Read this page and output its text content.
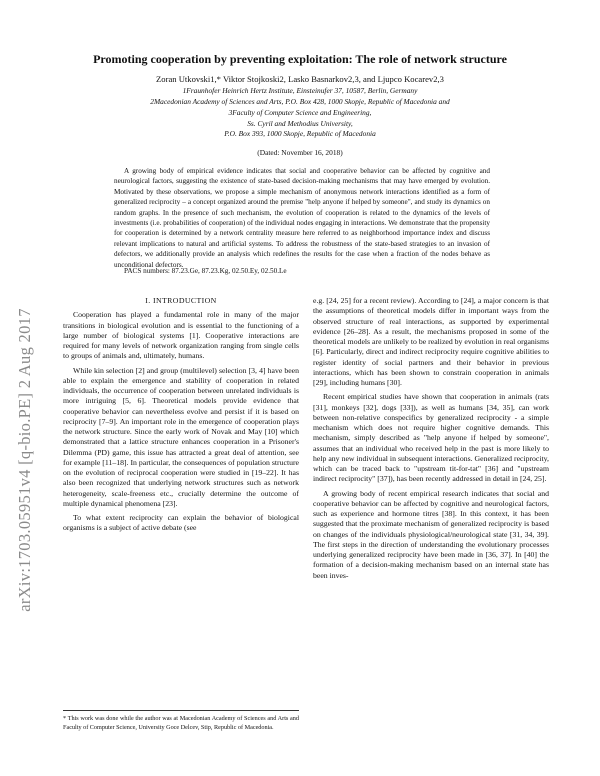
arXiv:1703.05951v4 [q-bio.PE] 2 Aug 2017
Promoting cooperation by preventing exploitation: The role of network structure
Zoran Utkovski1,* Viktor Stojkoski2, Lasko Basnarkov2,3, and Ljupco Kocarev2,3
1Fraunhofer Heinrich Hertz Institute, Einsteinufer 37, 10587, Berlin, Germany
2Macedonian Academy of Sciences and Arts, P.O. Box 428, 1000 Skopje, Republic of Macedonia and
3Faculty of Computer Science and Engineering,
Ss. Cyril and Methodius University,
P.O. Box 393, 1000 Skopje, Republic of Macedonia
(Dated: November 16, 2018)

A growing body of empirical evidence indicates that social and cooperative behavior can be affected by cognitive and neurological factors, suggesting the existence of state-based decision-making mechanisms that may have emerged by evolution. Motivated by these observations, we propose a simple mechanism of anonymous network interactions identified as a form of generalized reciprocity – a concept organized around the premise "help anyone if helped by someone", and study its dynamics on random graphs. In the presence of such mechanism, the evolution of cooperation is related to the dynamics of the levels of investments (i.e. probabilities of cooperation) of the individual nodes engaging in interactions. We demonstrate that the propensity for cooperation is determined by a network centrality measure here referred to as neighborhood importance index and discuss relevant implications to natural and artificial systems. To address the robustness of the state-based strategies to an invasion of defectors, we additionally provide an analysis which redefines the results for the case when a fraction of the nodes behave as unconditional defectors.

PACS numbers: 87.23.Ge, 87.23.Kg, 02.50.Ey, 02.50.Le

I. INTRODUCTION

Cooperation has played a fundamental role in many of the major transitions in biological evolution and is essential to the functioning of a large number of biological systems [1]. Cooperative interactions are required for many levels of network organization ranging from single cells to groups of animals and, ultimately, humans.

While kin selection [2] and group (multilevel) selection [3, 4] have been able to explain the emergence and stability of cooperation in related individuals, the occurrence of cooperation between unrelated individuals is more intriguing [5, 6]. Theoretical models provide evidence that cooperative behavior can nevertheless evolve and persist if it is based on reciprocity [7–9]. An important role in the emergence of cooperation plays the network structure. Since the early work of Novak and May [10] which demonstrated that a lattice structure enhances cooperation in a Prisoner's Dilemma (PD) game, this issue has attracted a great deal of attention, see for example [11–18]. In particular, the consequences of population structure on the evolution of reciprocal cooperation were studied in [19–22]. It has also been recognized that underlying network structures such as network heterogeneity, scale-freeness etc., crucially determine the outcome of multiple dynamical phenomena [23].

To what extent reciprocity can explain the behavior of biological organisms is a subject of active debate (see

e.g. [24, 25] for a recent review). According to [24], a major concern is that the assumptions of theoretical models differ in important ways from the observed structure of real interactions, as supported by experimental evidence [26–28]. As a result, the mechanisms proposed in some of the theoretical models are unlikely to be realized by evolution in real organisms [6]. Particularly, direct and indirect reciprocity require cognitive abilities to register identity of social partners and their behavior in previous interactions, which has been shown to constrain cooperation in animals [29], including humans [30].

Recent empirical studies have shown that cooperation in animals (rats [31], monkeys [32], dogs [33]), as well as humans [34, 35], can work between non-relative conspecifics by generalized reciprocity - a simple mechanism which does not require higher cognitive demands. This mechanism, simply described as "help anyone if helped by someone", assumes that an individual who received help in the past is more likely to help any new individual in subsequent interactions. Generalized reciprocity, which can be traced back to "upstream tit-for-tat" [36] and "upstream indirect reciprocity" [37]), has been recently addressed in detail in [24, 25].

A growing body of recent empirical research indicates that social and cooperative behavior can be affected by cognitive and neurological factors, such as experience and hormone titres [38]. In this context, it has been suggested that the proximate mechanism of generalized reciprocity is based on changes of the individuals physiological/neurological state [31, 34, 39]. The first steps in the direction of understanding the evolutionary processes underlying generalized reciprocity have been made in [36, 37]. In [40] the formation of a decision-making mechanism based on an internal state has been inves-

* This work was done while the author was at Macedonian Academy of Sciences and Arts and Faculty of Computer Science, University Goce Delcev, Stip, Republic of Macedonia.
